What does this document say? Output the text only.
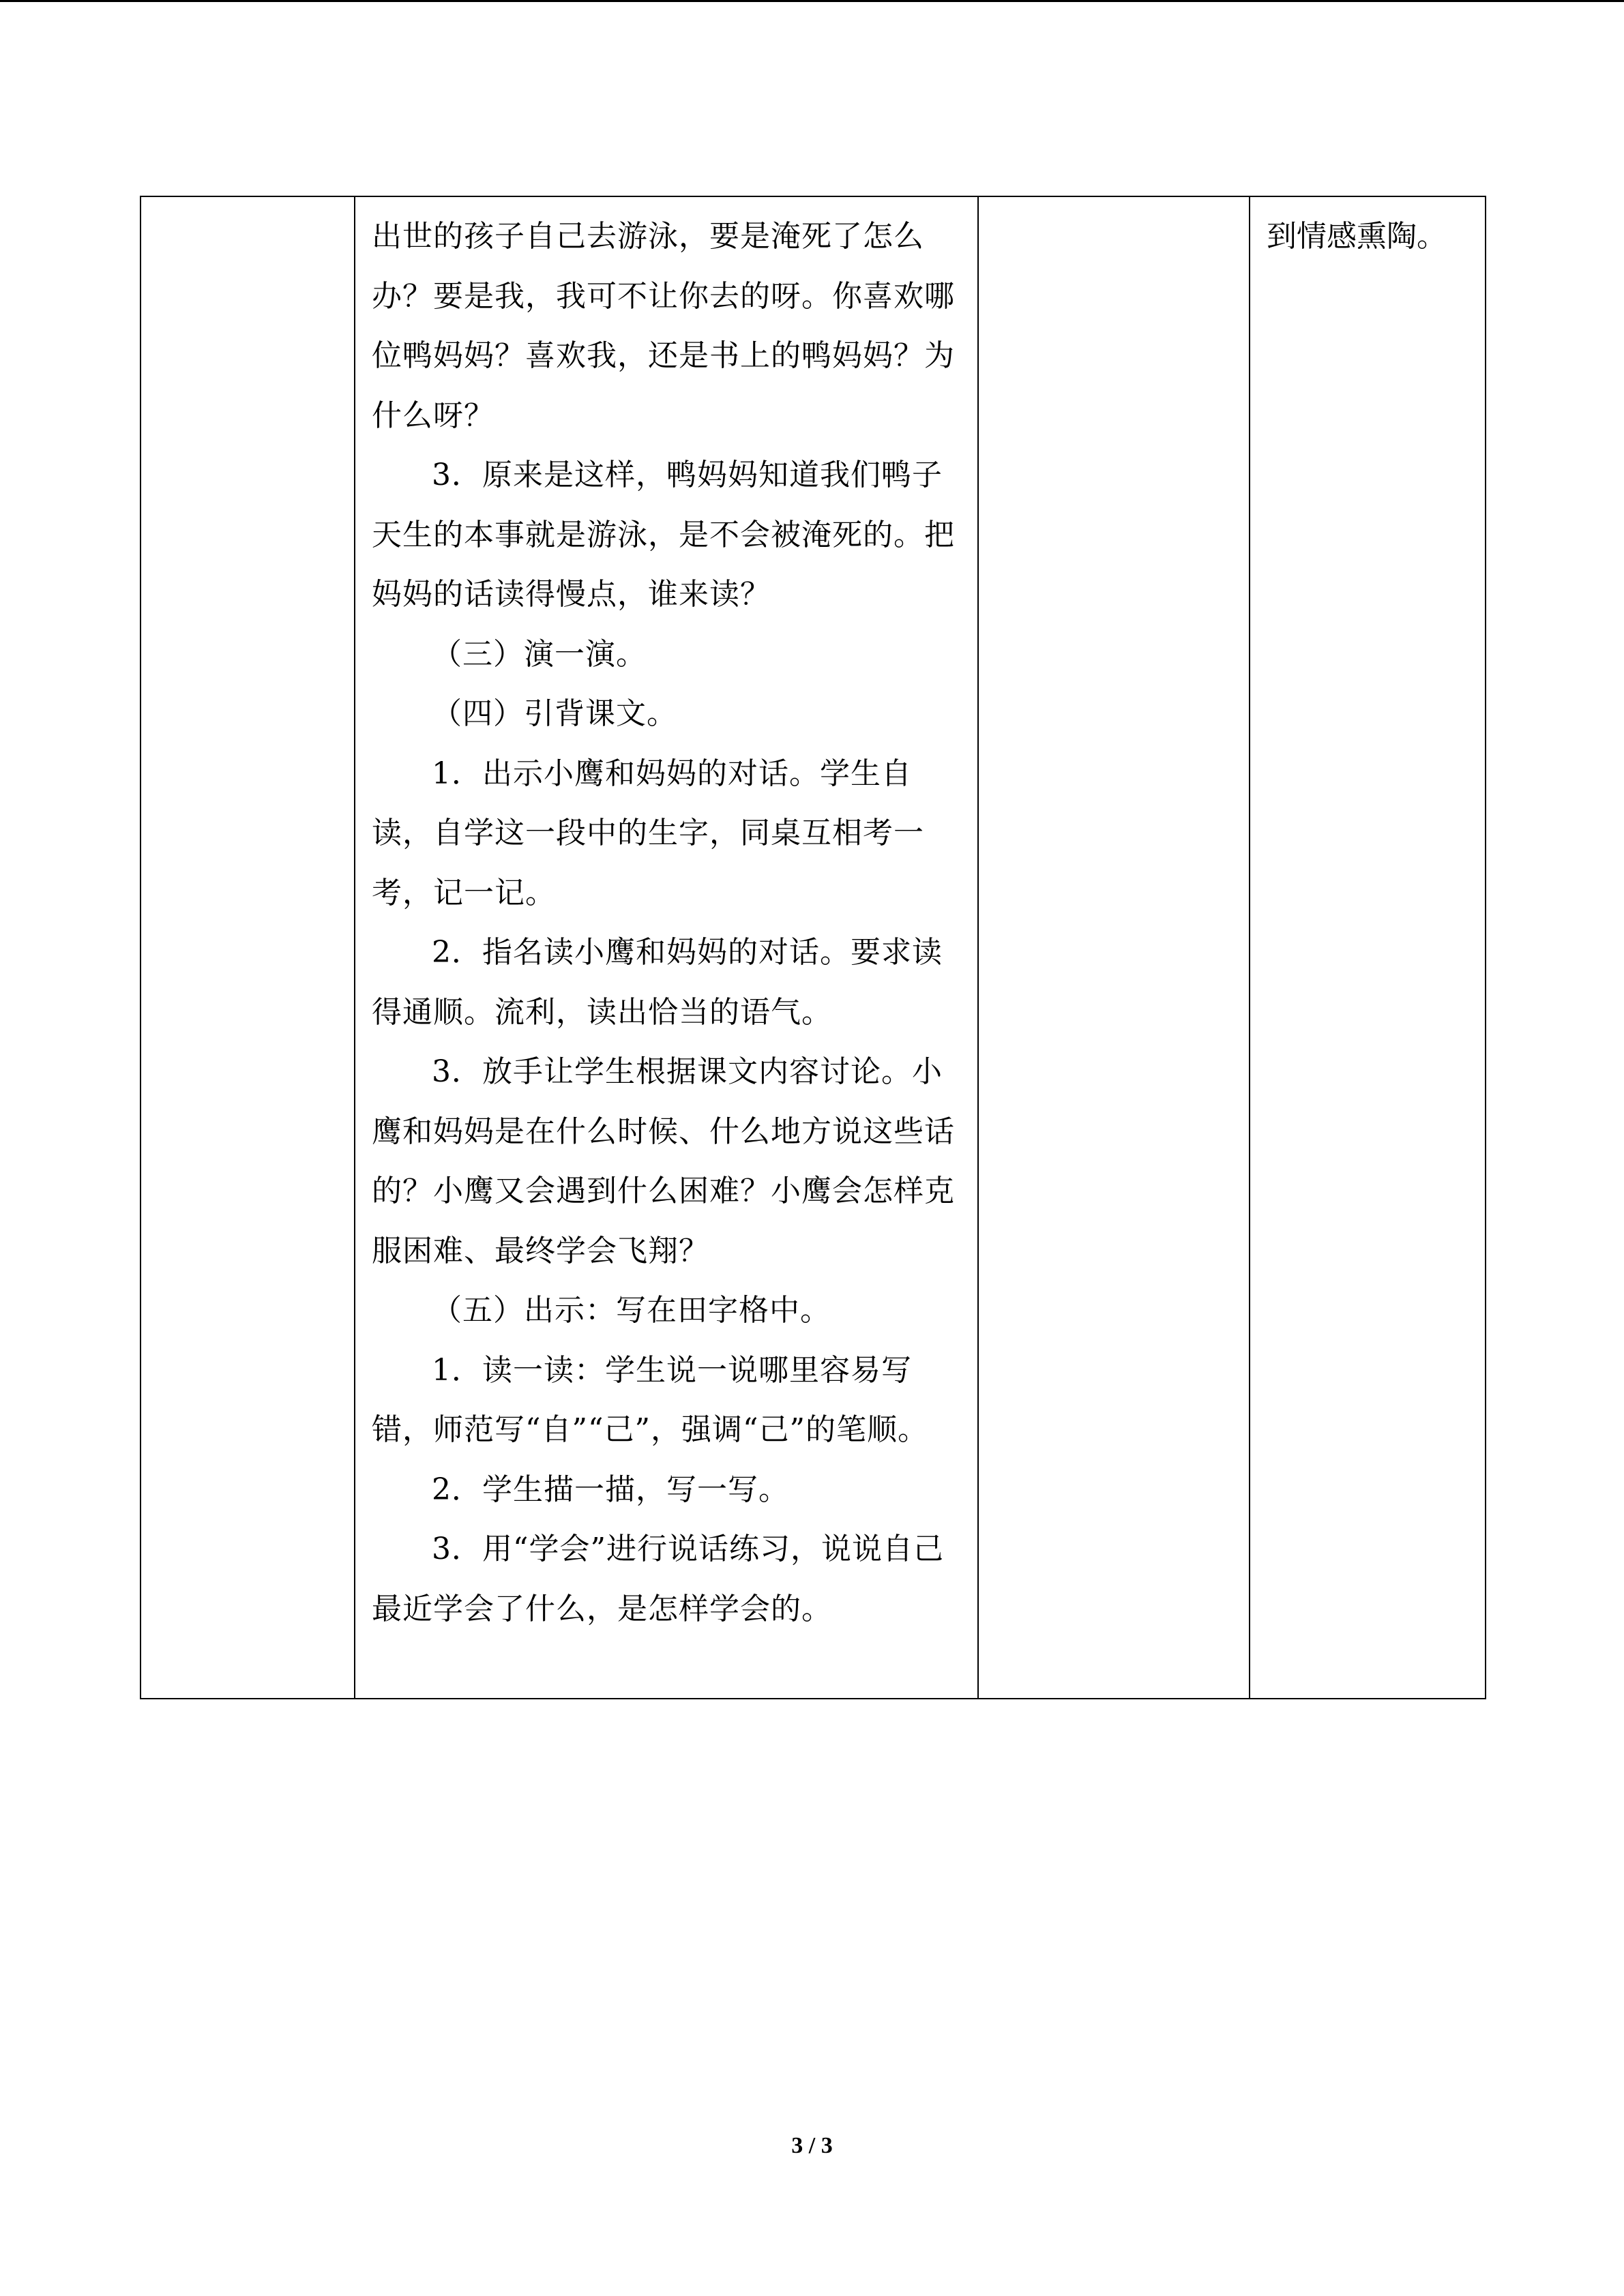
出世的孩子自己去游泳，要是淹死了怎么办？要是我，我可不让你去的呀。你喜欢哪位鸭妈妈？喜欢我，还是书上的鸭妈妈？为什么呀？

3．原来是这样，鸭妈妈知道我们鸭子天生的本事就是游泳，是不会被淹死的。把妈妈的话读得慢点，谁来读？

（三）演一演。

（四）引背课文。

1．出示小鹰和妈妈的对话。学生自读，自学这一段中的生字，同桌互相考一考，记一记。

2．指名读小鹰和妈妈的对话。要求读得通顺。流利，读出恰当的语气。

3．放手让学生根据课文内容讨论。小鹰和妈妈是在什么时候、什么地方说这些话的？小鹰又会遇到什么困难？小鹰会怎样克服困难、最终学会飞翔？

（五）出示：写在田字格中。

1．读一读：学生说一说哪里容易写错，师范写“自”“己”，强调“己”的笔顺。

2．学生描一描，写一写。

3．用“学会”进行说话练习，说说自己最近学会了什么，是怎样学会的。

到情感熏陶。
3 / 3
